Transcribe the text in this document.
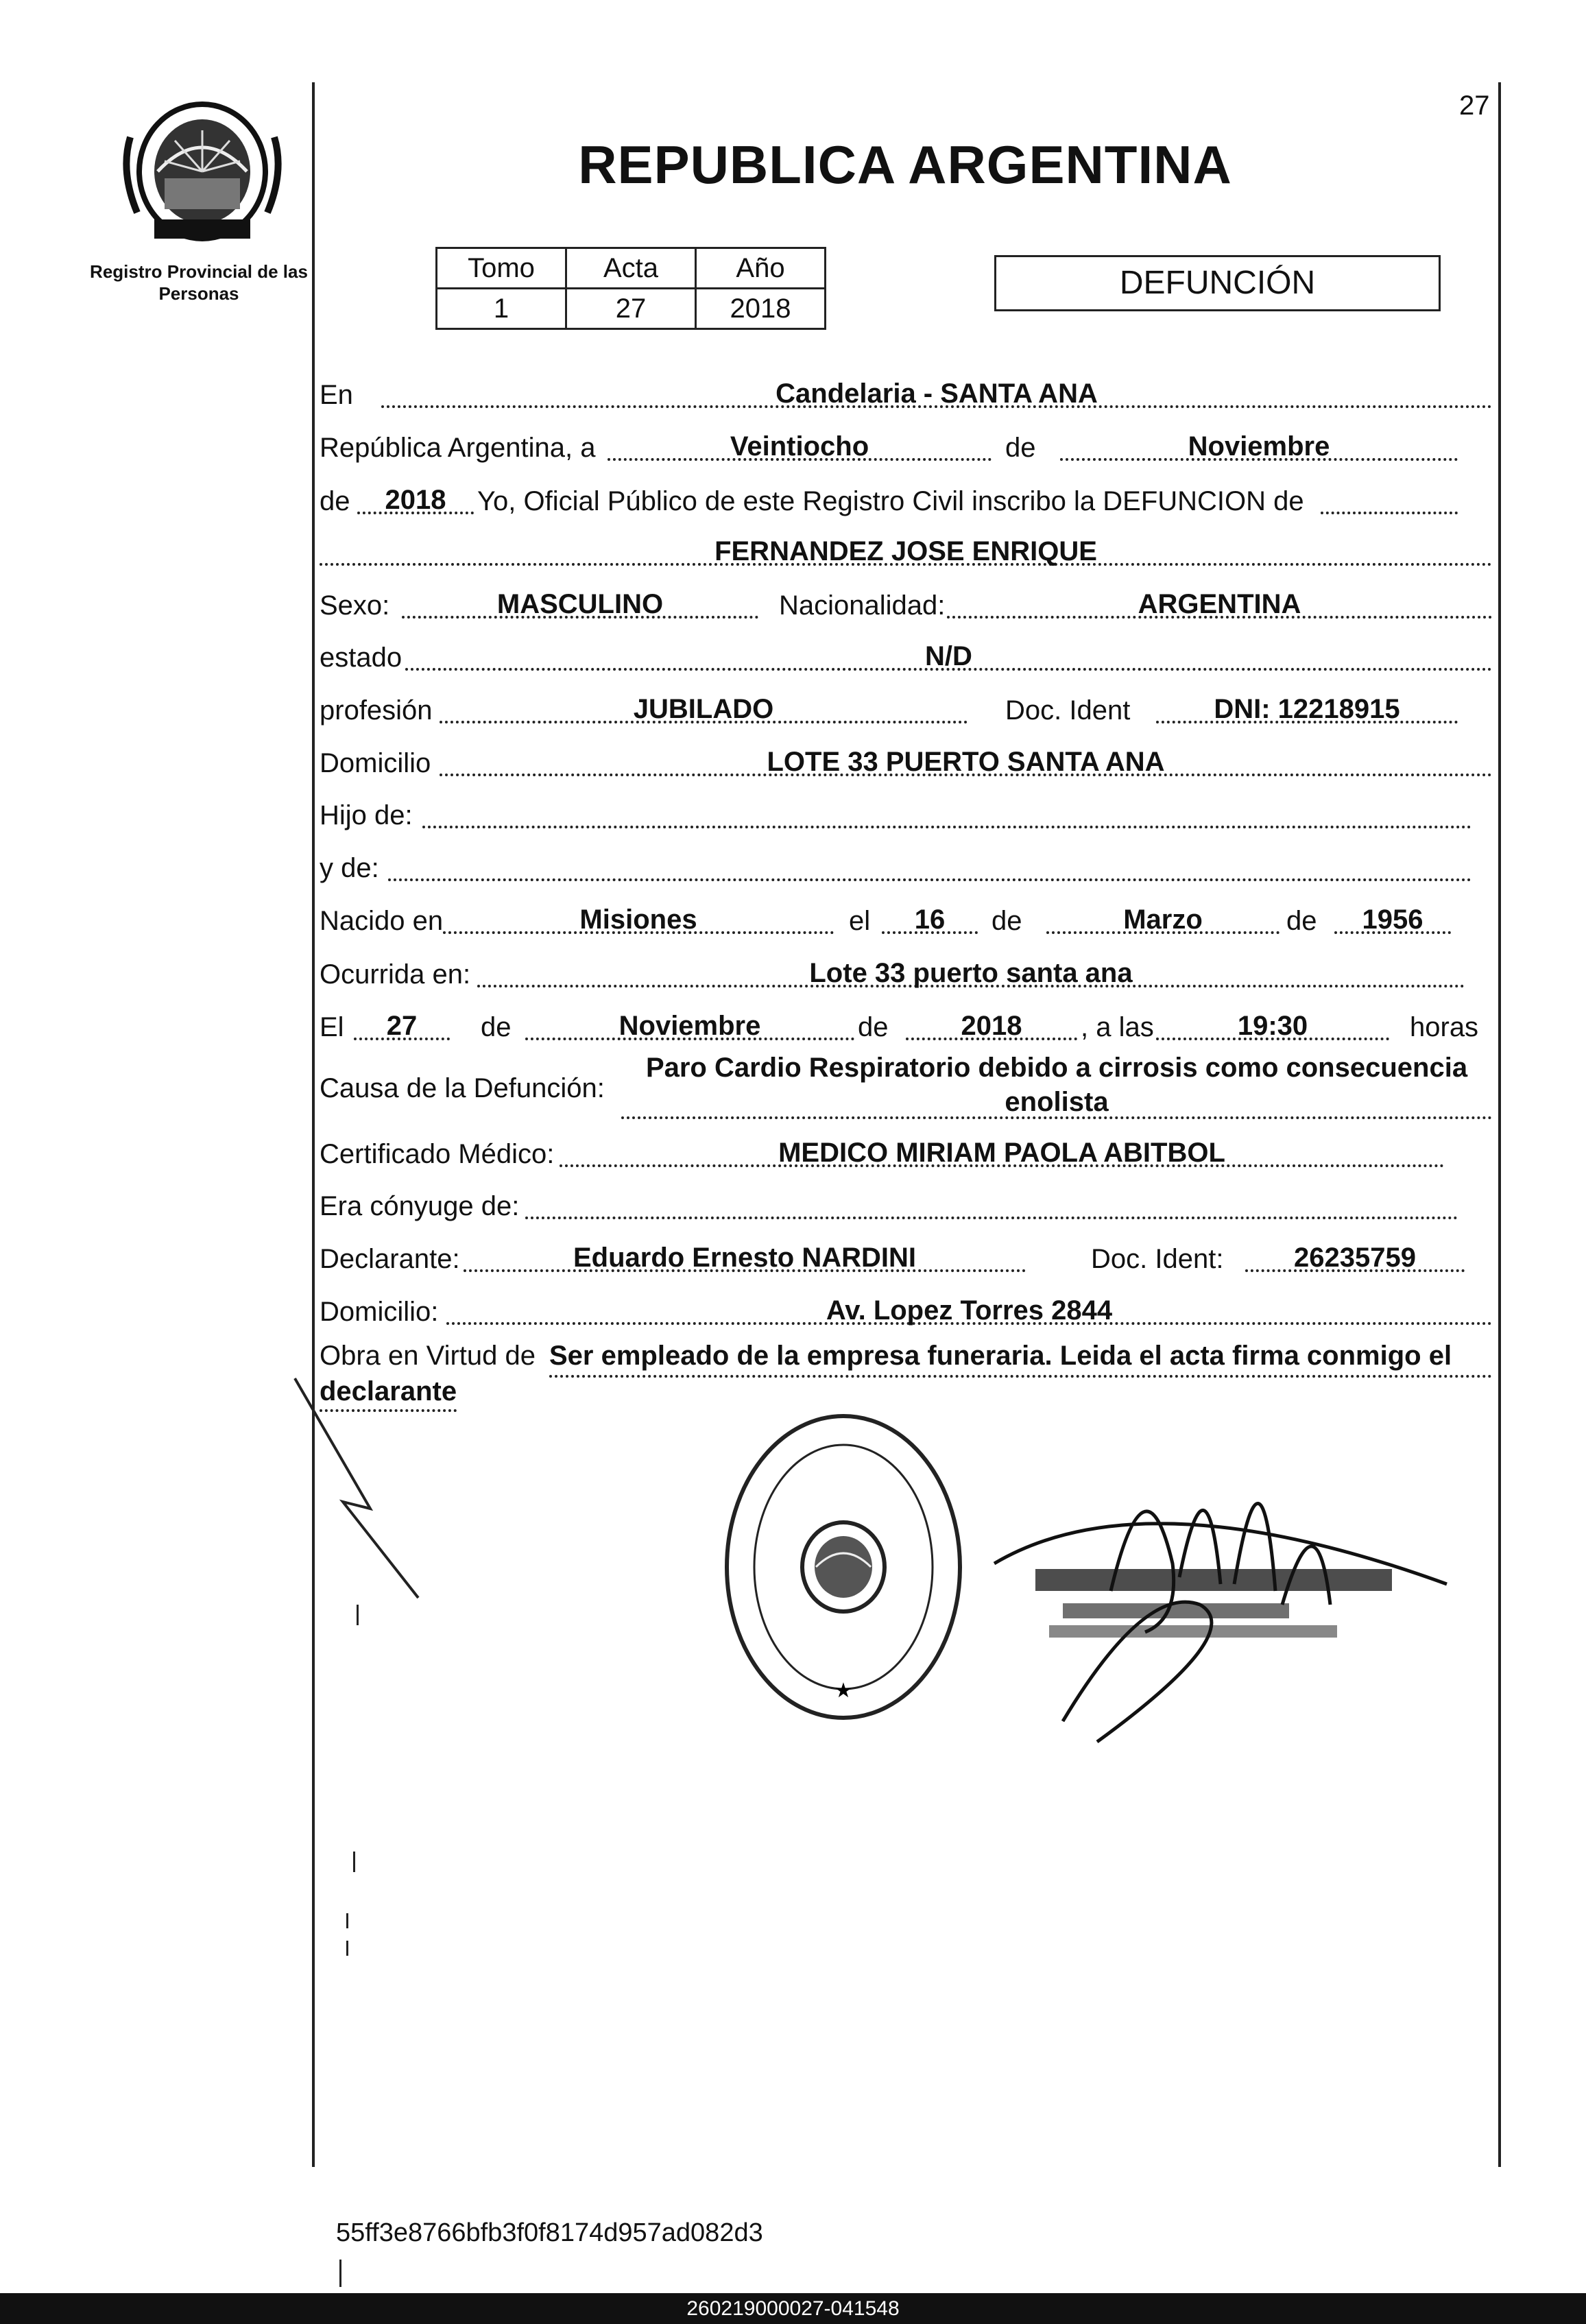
27
Registro Provincial de las Personas
REPUBLICA ARGENTINA
Tomo	Acta	Año
1	27	2018
DEFUNCIÓN
En	Candelaria - SANTA ANA
República Argentina, a	Veintiocho	de	Noviembre
de	2018	Yo, Oficial Público de este Registro Civil inscribo la DEFUNCION de
FERNANDEZ JOSE ENRIQUE
Sexo:	MASCULINO	Nacionalidad:	ARGENTINA
estado	N/D
profesión	JUBILADO	Doc. Ident	DNI: 12218915
Domicilio	LOTE 33 PUERTO SANTA ANA
Hijo de:
y de:
Nacido en	Misiones	el	16	de	Marzo	de	1956
Ocurrida en:	Lote 33 puerto santa ana
El	27	de	Noviembre	de	2018	, a las	19:30	horas
Causa de la Defunción:
Paro Cardio Respiratorio debido a cirrosis como consecuencia
enolista
Certificado Médico:	MEDICO MIRIAM PAOLA ABITBOL
Era cónyuge de:
Declarante:	Eduardo Ernesto NARDINI	Doc. Ident:	26235759
Domicilio:	Av. Lopez Torres 2844
Obra en Virtud de Ser empleado de la empresa funeraria. Leida el acta firma conmigo el
declarante
★
55ff3e8766bfb3f0f8174d957ad082d3
260219000027-041548
